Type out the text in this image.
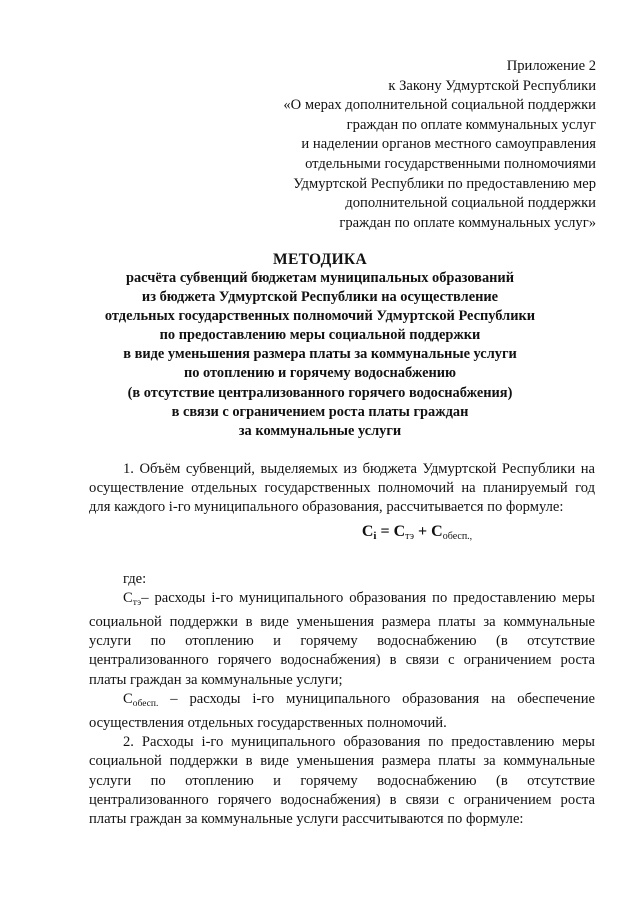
Приложение 2
к Закону Удмуртской Республики
«О мерах дополнительной социальной поддержки
граждан по оплате коммунальных услуг
и наделении органов местного самоуправления
отдельными государственными полномочиями
Удмуртской Республики по предоставлению мер
дополнительной социальной поддержки
граждан по оплате коммунальных услуг»
МЕТОДИКА
расчёта субвенций бюджетам муниципальных образований
из бюджета Удмуртской Республики на осуществление
отдельных государственных полномочий Удмуртской Республики
по предоставлению меры социальной поддержки
в виде уменьшения размера платы за коммунальные услуги
по отоплению и горячему водоснабжению
(в отсутствие централизованного горячего водоснабжения)
в связи с ограничением роста платы граждан
за коммунальные услуги

1. Объём субвенций, выделяемых из бюджета Удмуртской Республики на осуществление отдельных государственных полномочий на планируемый год для каждого i-го муниципального образования, рассчитывается по формуле:

$Ci = C_{тэ} + C_{обесп.,}$

где:

$C_{тэ}-$ расходы i-го муниципального образования по предоставлению меры социальной поддержки в виде уменьшения размера платы за коммунальные услуги по отоплению и горячему водоснабжению (в отсутствие централизованного горячего водоснабжения) в связи с ограничением роста платы граждан за коммунальные услуги;

$C_{обесп.}$ – расходы i-го муниципального образования на обеспечение осуществления отдельных государственных полномочий.

2. Расходы i-го муниципального образования по предоставлению меры социальной поддержки в виде уменьшения размера платы за коммунальные услуги по отоплению и горячему водоснабжению (в отсутствие централизованного горячего водоснабжения) в связи с ограничением роста платы граждан за коммунальные услуги рассчитываются по формуле:
